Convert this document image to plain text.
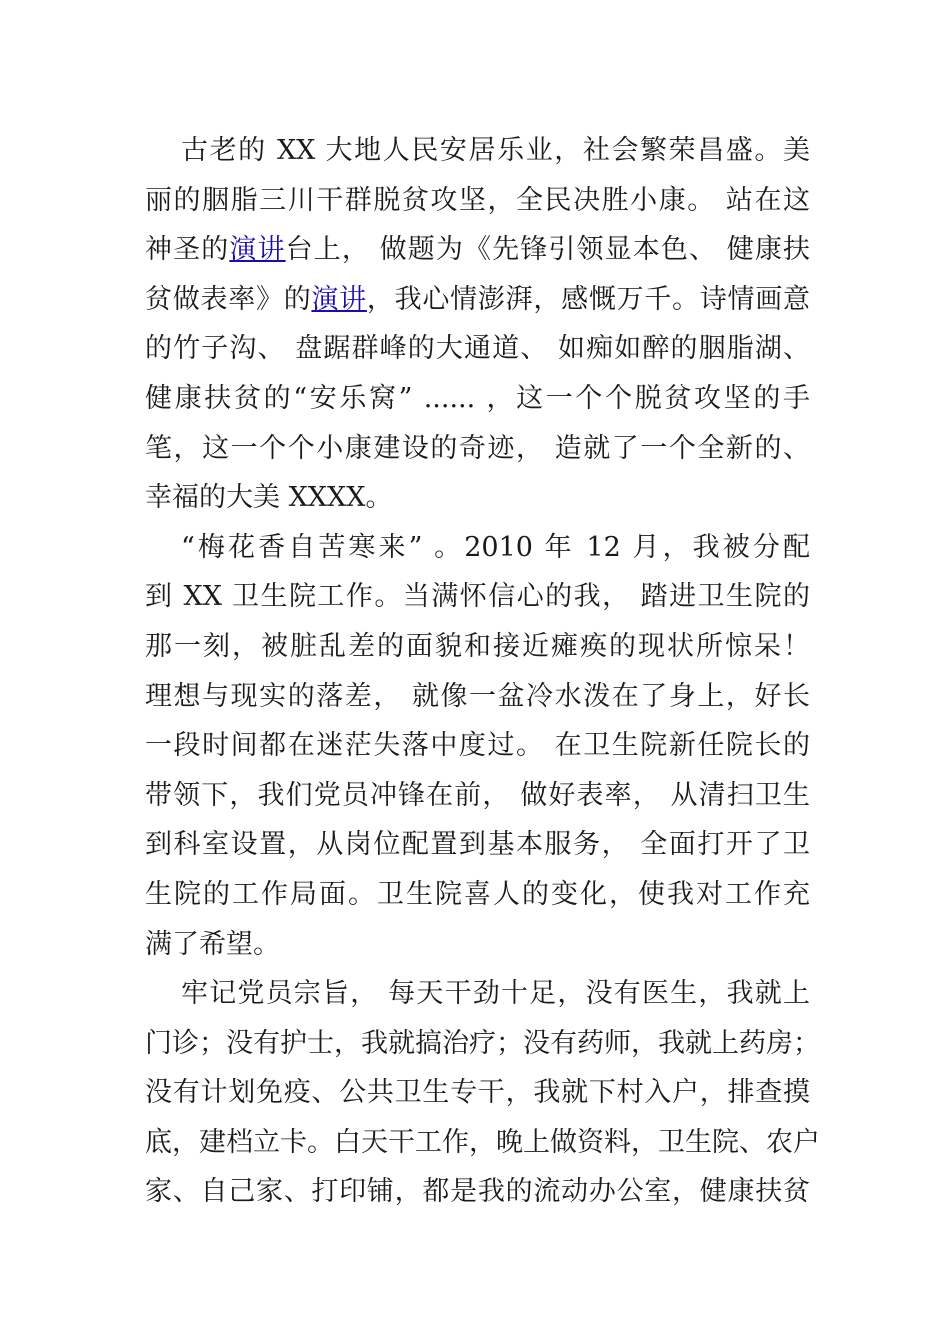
古老的 XX 大地人民安居乐业，社会繁荣昌盛。美
丽的胭脂三川干群脱贫攻坚，全民决胜小康。 站在这
神圣的演讲台上， 做题为《先锋引领显本色、 健康扶
贫做表率》的演讲，我心情澎湃，感慨万千。诗情画意
的竹子沟、 盘踞群峰的大通道、 如痴如醉的胭脂湖、
健康扶贫的“安乐窝” ...... ，这一个个脱贫攻坚的手
笔，这一个个小康建设的奇迹， 造就了一个全新的、
幸福的大美 XXXX。
“梅花香自苦寒来” 。2010 年 12 月，我被分配
到 XX 卫生院工作。当满怀信心的我， 踏进卫生院的
那一刻，被脏乱差的面貌和接近瘫痪的现状所惊呆！
理想与现实的落差， 就像一盆冷水泼在了身上，好长
一段时间都在迷茫失落中度过。 在卫生院新任院长的
带领下，我们党员冲锋在前， 做好表率， 从清扫卫生
到科室设置，从岗位配置到基本服务， 全面打开了卫
生院的工作局面。卫生院喜人的变化，使我对工作充
满了希望。
牢记党员宗旨， 每天干劲十足，没有医生，我就上
门诊；没有护士，我就搞治疗；没有药师，我就上药房；
没有计划免疫、公共卫生专干，我就下村入户，排查摸
底，建档立卡。白天干工作，晚上做资料，卫生院、农户
家、自己家、打印铺，都是我的流动办公室，健康扶贫
